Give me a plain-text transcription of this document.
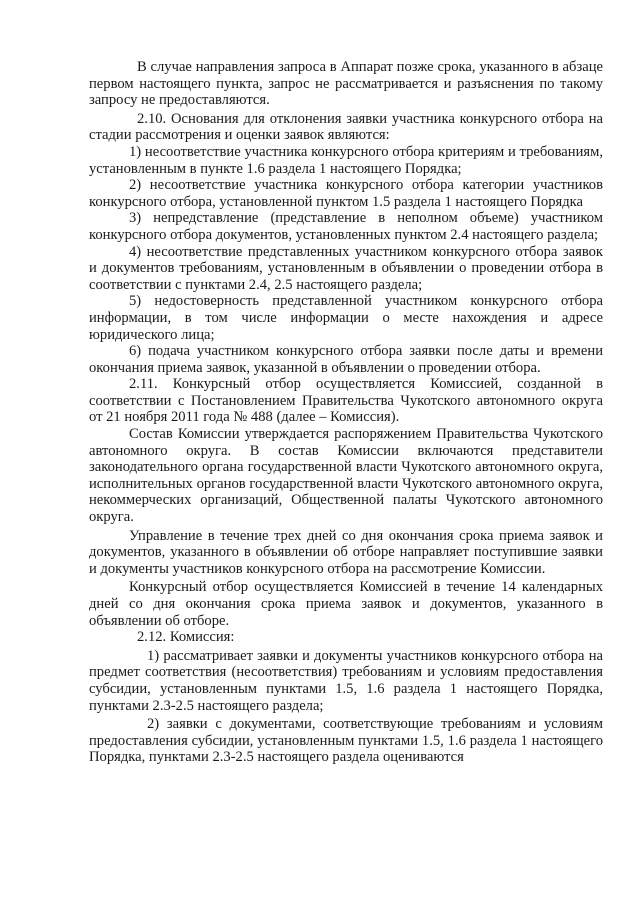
В случае направления запроса в Аппарат позже срока, указанного в абзаце первом настоящего пункта, запрос не рассматривается и разъяснения по такому запросу не предоставляются.

2.10. Основания для отклонения заявки участника конкурсного отбора на стадии рассмотрения и оценки заявок являются:

1) несоответствие участника конкурсного отбора критериям и требованиям, установленным в пункте 1.6 раздела 1 настоящего Порядка;

2) несоответствие участника конкурсного отбора категории участников конкурсного отбора, установленной пунктом 1.5 раздела 1 настоящего Порядка

3) непредставление (представление в неполном объеме) участником конкурсного отбора документов, установленных пунктом 2.4 настоящего раздела;

4) несоответствие представленных участником конкурсного отбора заявок и документов требованиям, установленным в объявлении о проведении отбора в соответствии с пунктами 2.4, 2.5 настоящего раздела;

5) недостоверность представленной участником конкурсного отбора информации, в том числе информации о месте нахождения и адресе юридического лица;

6) подача участником конкурсного отбора заявки после даты и времени окончания приема заявок, указанной в объявлении о проведении отбора.

2.11. Конкурсный отбор осуществляется Комиссией, созданной в соответствии с Постановлением Правительства Чукотского автономного округа от 21 ноября 2011 года № 488 (далее – Комиссия).

Состав Комиссии утверждается распоряжением Правительства Чукотского автономного округа. В состав Комиссии включаются представители законодательного органа государственной власти Чукотского автономного округа, исполнительных органов государственной власти Чукотского автономного округа, некоммерческих организаций, Общественной палаты Чукотского автономного округа.

Управление в течение трех дней со дня окончания срока приема заявок и документов, указанного в объявлении об отборе направляет поступившие заявки и документы участников конкурсного отбора на рассмотрение Комиссии.

Конкурсный отбор осуществляется Комиссией в течение 14 календарных дней со дня окончания срока приема заявок и документов, указанного в объявлении об отборе.

2.12. Комиссия:

1) рассматривает заявки и документы участников конкурсного отбора на предмет соответствия (несоответствия) требованиям и условиям предоставления субсидии, установленным пунктами 1.5, 1.6 раздела 1 настоящего Порядка, пунктами 2.3-2.5 настоящего раздела;

2) заявки с документами, соответствующие требованиям и условиям предоставления субсидии, установленным пунктами 1.5, 1.6 раздела 1 настоящего Порядка, пунктами 2.3-2.5 настоящего раздела оцениваются
